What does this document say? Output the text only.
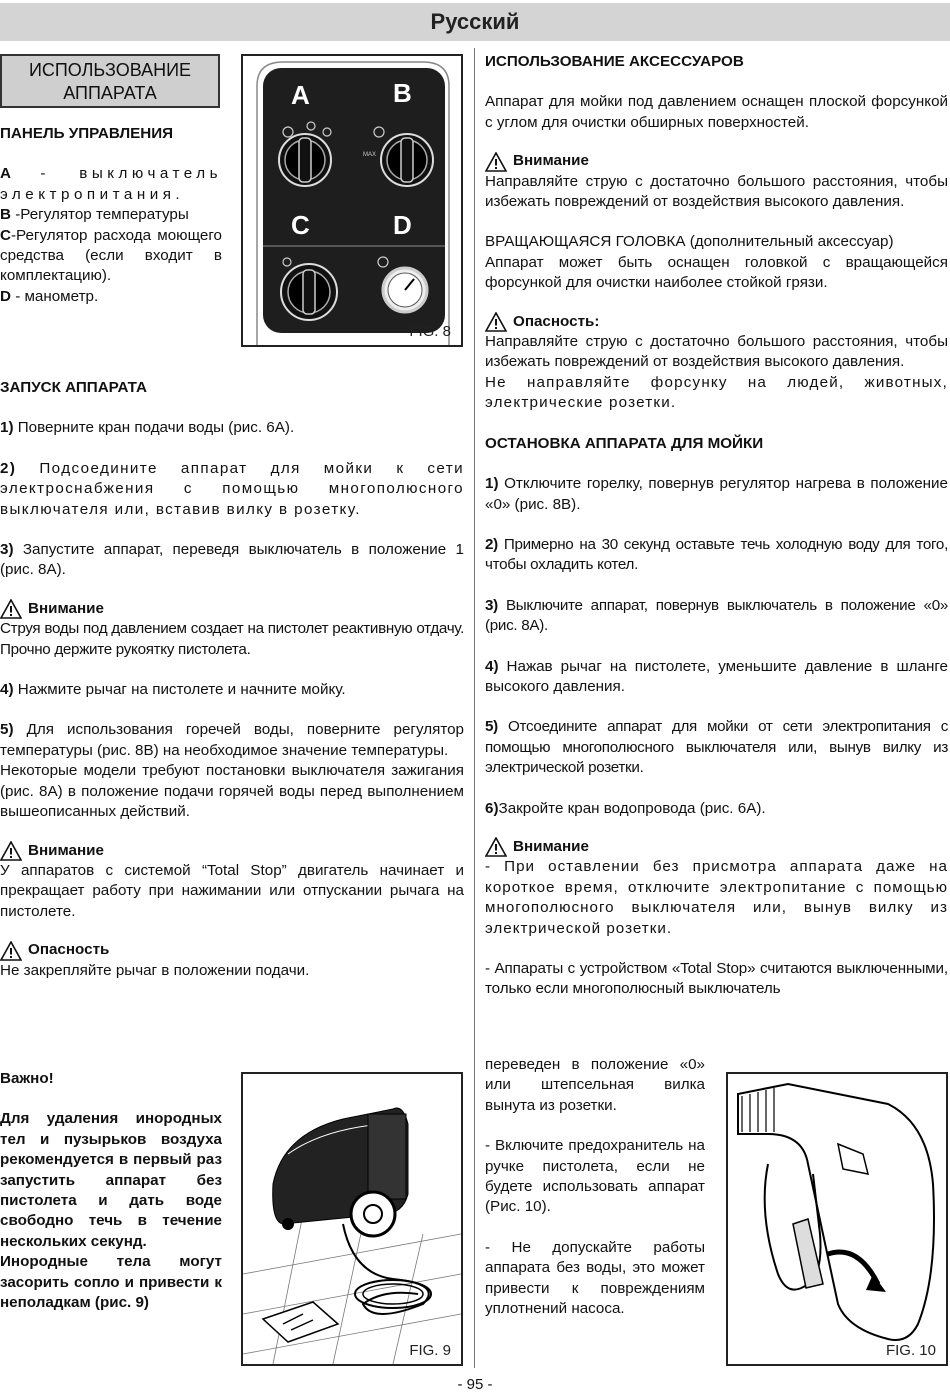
Русский
ИСПОЛЬЗОВАНИЕ АППАРАТА

ПАНЕЛЬ УПРАВЛЕНИЯ

A - выключатель электропитания.

B -Регулятор температуры

C-Регулятор расхода моющего средства (если входит в комплектацию).

D - манометр.

A	B
C	D
MAX
FIG. 8

ЗАПУСК АППАРАТА

1) Поверните кран подачи воды (рис. 6A).

2) Подсоедините аппарат для мойки к сети электроснабжения с помощью многополюсного выключателя или, вставив вилку в розетку.

3) Запустите аппарат, переведя выключатель в положение 1 (рис. 8A).

Внимание

Струя воды под давлением создает на пистолет реактивную отдачу. Прочно держите рукоятку пистолета.

4) Нажмите рычаг на пистолете и начните мойку.

5) Для использования горечей воды, поверните регулятор температуры (рис. 8B) на необходимое значение температуры.

Некоторые модели требуют постановки выключателя зажигания (рис. 8A) в положение подачи горячей воды перед выполнением вышеописанных действий.

Внимание

У аппаратов с системой “Total Stop” двигатель начинает и прекращает работу при нажимании или отпускании рычага на пистолете.

Опасность

Не закрепляйте рычаг в положении подачи.

Важно!

Для удаления инородных тел и пузырьков воздуха рекомендуется в первый раз запустить аппарат без пистолета и дать воде свободно течь в течение нескольких секунд.

Инородные тела могут засорить сопло и привести к неполадкам (рис. 9)

FIG. 9

ИСПОЛЬЗОВАНИЕ АКСЕССУАРОВ

Аппарат для мойки под давлением оснащен плоской форсункой с углом для очистки обширных поверхностей.

Внимание

Направляйте струю с достаточно большого расстояния, чтобы избежать повреждений от воздействия высокого давления.

ВРАЩАЮЩАЯСЯ ГОЛОВКА (дополнительный аксессуар)

Аппарат может быть оснащен головкой с вращающейся форсункой для очистки наиболее стойкой грязи.

Опасность:

Направляйте струю с достаточно большого расстояния, чтобы избежать повреждений от воздействия высокого давления.

Не направляйте форсунку на людей, животных, электрические розетки.

ОСТАНОВКА АППАРАТА ДЛЯ МОЙКИ

1) Отключите горелку, повернув регулятор нагрева в положение «0» (рис. 8B).

2) Примерно на 30 секунд оставьте течь холодную воду для того, чтобы охладить котел.

3) Выключите аппарат, повернув выключатель в положение «0» (рис. 8A).

4) Нажав рычаг на пистолете, уменьшите давление в шланге высокого давления.

5) Отсоедините аппарат для мойки от сети электропитания с помощью многополюсного выключателя или, вынув вилку из электрической розетки.

6)Закройте кран водопровода (рис. 6A).

Внимание

- При оставлении без присмотра аппарата даже на короткое время, отключите электропитание с помощью многополюсного выключателя или, вынув вилку из электрической розетки.

- Аппараты с устройством «Total Stop» считаются выключенными, только если многополюсный выключатель

переведен в положение «0» или штепсельная вилка вынута из розетки.

- Включите предохранитель на ручке пистолета, если не будете использовать аппарат (Рис. 10).

- Не допускайте работы аппарата без воды, это может привести к повреждениям уплотнений насоса.

FIG. 10
- 95 -
